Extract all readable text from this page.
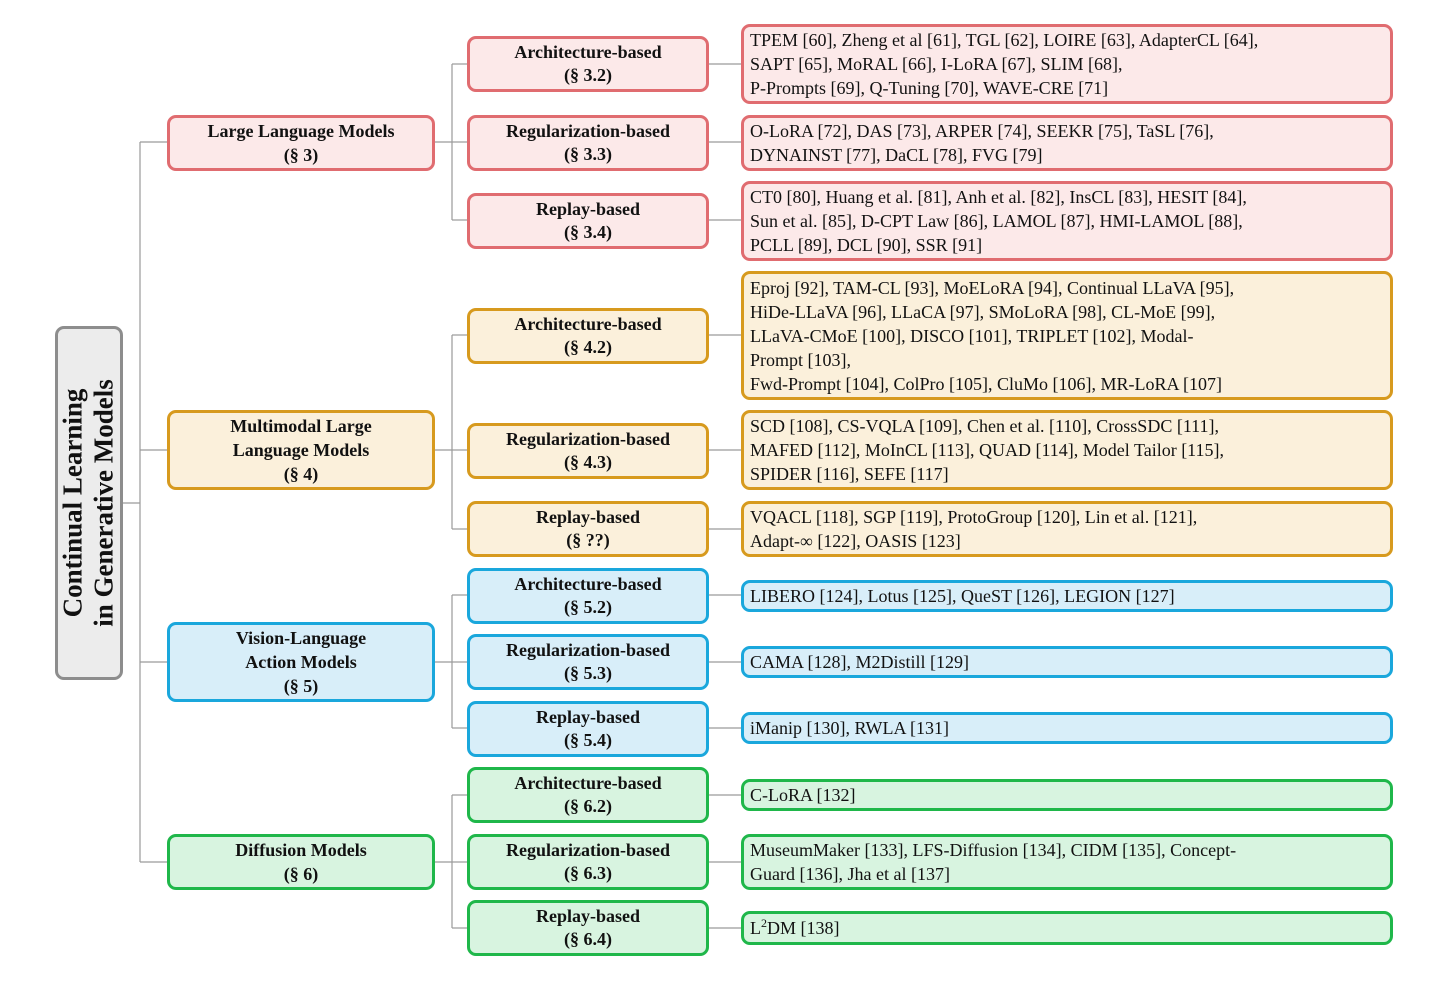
Continual Learning in Generative Models
Large Language Models
(§ 3)
Architecture-based
(§ 3.2)
TPEM [60], Zheng et al [61], TGL [62], LOIRE [63], AdapterCL [64],
SAPT [65], MoRAL [66], I-LoRA [67], SLIM [68],
P-Prompts [69], Q-Tuning [70], WAVE-CRE [71]
Regularization-based
(§ 3.3)
O-LoRA [72], DAS [73], ARPER [74], SEEKR [75], TaSL [76],
DYNAINST [77], DaCL [78], FVG [79]
Replay-based
(§ 3.4)
CT0 [80], Huang et al. [81], Anh et al. [82], InsCL [83], HESIT [84],
Sun et al. [85], D-CPT Law [86], LAMOL [87], HMI-LAMOL [88],
PCLL [89], DCL [90], SSR [91]
Multimodal Large
Language Models
(§ 4)
Architecture-based
(§ 4.2)
Eproj [92], TAM-CL [93], MoELoRA [94], Continual LLaVA [95],
HiDe-LLaVA [96], LLaCA [97], SMoLoRA [98], CL-MoE [99],
LLaVA-CMoE [100], DISCO [101], TRIPLET [102], Modal-
Prompt [103],
Fwd-Prompt [104], ColPro [105], CluMo [106], MR-LoRA [107]
Regularization-based
(§ 4.3)
SCD [108], CS-VQLA [109], Chen et al. [110], CrossSDC [111],
MAFED [112], MoInCL [113], QUAD [114], Model Tailor [115],
SPIDER [116], SEFE [117]
Replay-based
(§ ??)
VQACL [118], SGP [119], ProtoGroup [120], Lin et al. [121],
Adapt-∞ [122], OASIS [123]
Vision-Language
Action Models
(§ 5)
Architecture-based
(§ 5.2)
LIBERO [124], Lotus [125], QueST [126], LEGION [127]
Regularization-based
(§ 5.3)
CAMA [128], M2Distill [129]
Replay-based
(§ 5.4)
iManip [130], RWLA [131]
Diffusion Models
(§ 6)
Architecture-based
(§ 6.2)
C-LoRA [132]
Regularization-based
(§ 6.3)
MuseumMaker [133], LFS-Diffusion [134], CIDM [135], Concept-
Guard [136], Jha et al [137]
Replay-based
(§ 6.4)
$L^2DM$ [138]
